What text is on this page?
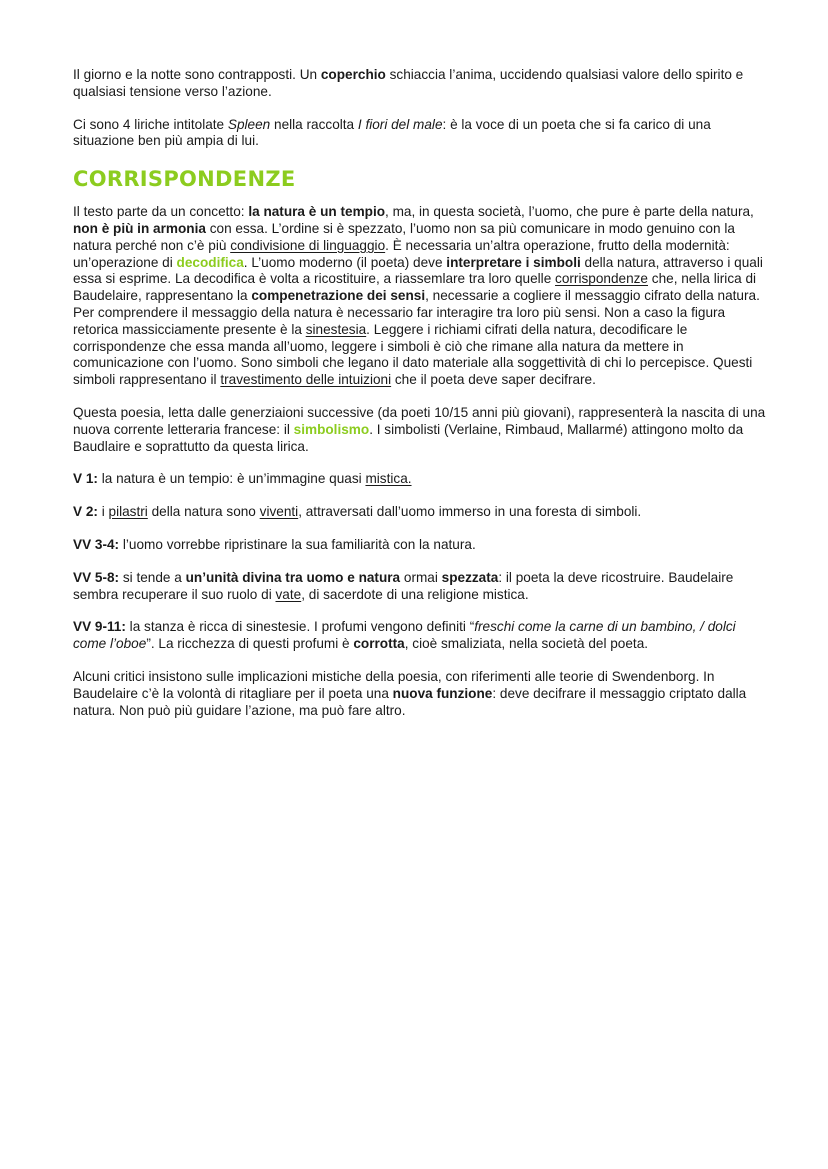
Il giorno e la notte sono contrapposti. Un coperchio schiaccia l’anima, uccidendo qualsiasi valore dello spirito e qualsiasi tensione verso l’azione.

Ci sono 4 liriche intitolate Spleen nella raccolta I fiori del male: è la voce di un poeta che si fa carico di una situazione ben più ampia di lui.

CORRISPONDENZE

Il testo parte da un concetto: la natura è un tempio, ma, in questa società, l’uomo, che pure è parte della natura, non è più in armonia con essa. L’ordine si è spezzato, l’uomo non sa più comunicare in modo genuino con la natura perché non c’è più condivisione di linguaggio. È necessaria un’altra operazione, frutto della modernità: un’operazione di decodifica. L’uomo moderno (il poeta) deve interpretare i simboli della natura, attraverso i quali essa si esprime. La decodifica è volta a ricostituire, a riassemlare tra loro quelle corrispondenze che, nella lirica di Baudelaire, rappresentano la compenetrazione dei sensi, necessarie a cogliere il messaggio cifrato della natura. Per comprendere il messaggio della natura è necessario far interagire tra loro più sensi. Non a caso la figura retorica massicciamente presente è la sinestesia. Leggere i richiami cifrati della natura, decodificare le corrispondenze che essa manda all’uomo, leggere i simboli è ciò che rimane alla natura da mettere in comunicazione con l’uomo. Sono simboli che legano il dato materiale alla soggettività di chi lo percepisce. Questi simboli rappresentano il travestimento delle intuizioni che il poeta deve saper decifrare.

Questa poesia, letta dalle generziaioni successive (da poeti 10/15 anni più giovani), rappresenterà la nascita di una nuova corrente letteraria francese: il simbolismo. I simbolisti (Verlaine, Rimbaud, Mallarmé) attingono molto da Baudlaire e soprattutto da questa lirica.

V 1: la natura è un tempio: è un’immagine quasi mistica.

V 2: i pilastri della natura sono viventi, attraversati dall’uomo immerso in una foresta di simboli.

VV 3-4: l’uomo vorrebbe ripristinare la sua familiarità con la natura.

VV 5-8: si tende a un’unità divina tra uomo e natura ormai spezzata: il poeta la deve ricostruire. Baudelaire sembra recuperare il suo ruolo di vate, di sacerdote di una religione mistica.

VV 9-11: la stanza è ricca di sinestesie. I profumi vengono definiti “freschi come la carne di un bambino, / dolci come l’oboe”. La ricchezza di questi profumi è corrotta, cioè smaliziata, nella società del poeta.

Alcuni critici insistono sulle implicazioni mistiche della poesia, con riferimenti alle teorie di Swendenborg. In Baudelaire c’è la volontà di ritagliare per il poeta una nuova funzione: deve decifrare il messaggio criptato dalla natura. Non può più guidare l’azione, ma può fare altro.
